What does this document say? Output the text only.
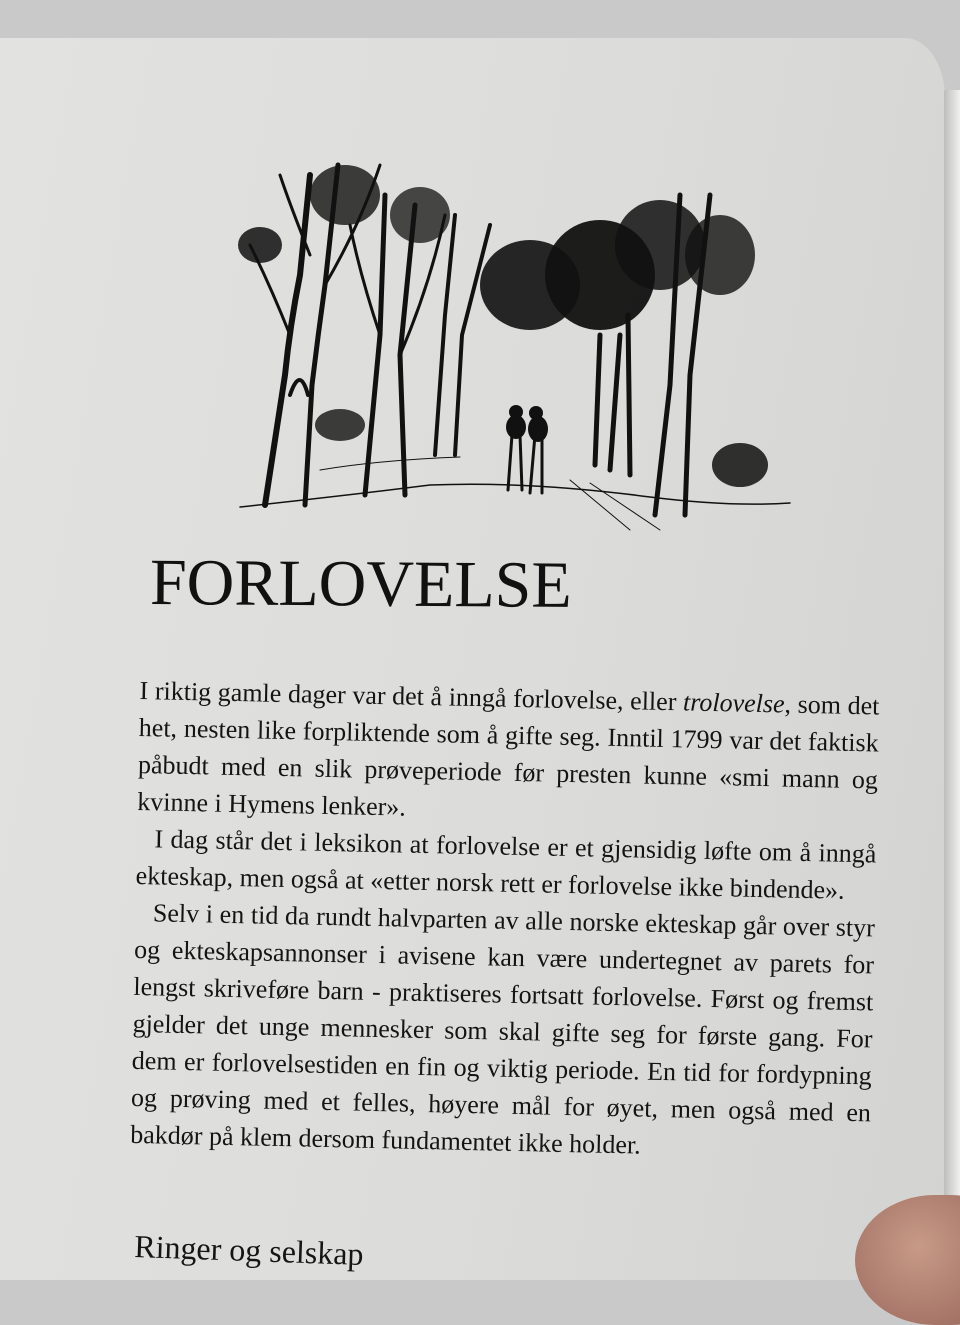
FORLOVELSE

I riktig gamle dager var det å inngå forlovelse, eller trolovelse, som det het, nesten like forpliktende som å gifte seg. Inntil 1799 var det faktisk påbudt med en slik prøveperiode før presten kunne «smi mann og kvinne i Hymens lenker».

I dag står det i leksikon at forlovelse er et gjensidig løfte om å inngå ekteskap, men også at «etter norsk rett er forlovelse ikke bindende».

Selv i en tid da rundt halvparten av alle norske ekteskap går over styr og ekteskapsannonser i avisene kan være undertegnet av parets for lengst skriveføre barn - praktiseres fortsatt forlovelse. Først og fremst gjelder det unge mennesker som skal gifte seg for første gang. For dem er forlovelsestiden en fin og viktig periode. En tid for fordypning og prøving med et felles, høyere mål for øyet, men også med en bakdør på klem dersom fundamentet ikke holder.

Ringer og selskap
